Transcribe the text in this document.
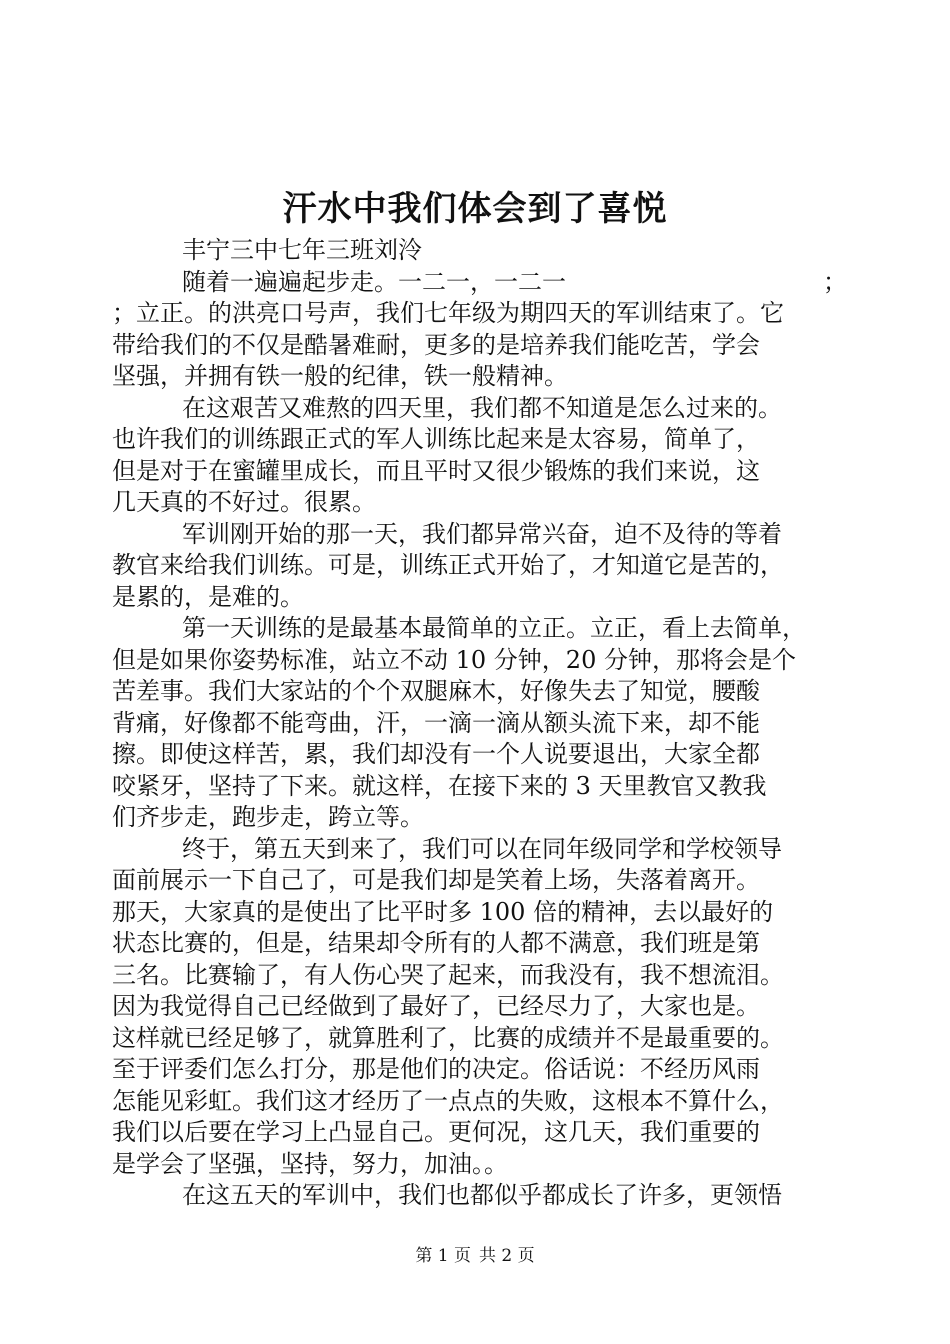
汗水中我们体会到了喜悦
丰宁三中七年三班刘泠
随着一遍遍起步走。一二一，一二一	；
；立正。的洪亮口号声，我们七年级为期四天的军训结束了。它
带给我们的不仅是酷暑难耐，更多的是培养我们能吃苦，学会
坚强，并拥有铁一般的纪律，铁一般精神。
在这艰苦又难熬的四天里，我们都不知道是怎么过来的。
也许我们的训练跟正式的军人训练比起来是太容易，简单了，
但是对于在蜜罐里成长，而且平时又很少锻炼的我们来说，这
几天真的不好过。很累。
军训刚开始的那一天，我们都异常兴奋，迫不及待的等着
教官来给我们训练。可是，训练正式开始了，才知道它是苦的，
是累的，是难的。
第一天训练的是最基本最简单的立正。立正，看上去简单，
但是如果你姿势标准，站立不动 10 分钟，20 分钟，那将会是个
苦差事。我们大家站的个个双腿麻木，好像失去了知觉，腰酸
背痛，好像都不能弯曲，汗，一滴一滴从额头流下来，却不能
擦。即使这样苦，累，我们却没有一个人说要退出，大家全都
咬紧牙，坚持了下来。就这样，在接下来的 3 天里教官又教我
们齐步走，跑步走，跨立等。
终于，第五天到来了，我们可以在同年级同学和学校领导
面前展示一下自己了，可是我们却是笑着上场，失落着离开。
那天，大家真的是使出了比平时多 100 倍的精神，去以最好的
状态比赛的，但是，结果却令所有的人都不满意，我们班是第
三名。比赛输了，有人伤心哭了起来，而我没有，我不想流泪。
因为我觉得自己已经做到了最好了，已经尽力了，大家也是。
这样就已经足够了，就算胜利了，比赛的成绩并不是最重要的。
至于评委们怎么打分，那是他们的决定。俗话说：不经历风雨
怎能见彩虹。我们这才经历了一点点的失败，这根本不算什么，
我们以后要在学习上凸显自己。更何况，这几天，我们重要的
是学会了坚强，坚持，努力，加油。。
在这五天的军训中，我们也都似乎都成长了许多，更领悟
第 1 页 共 2 页
